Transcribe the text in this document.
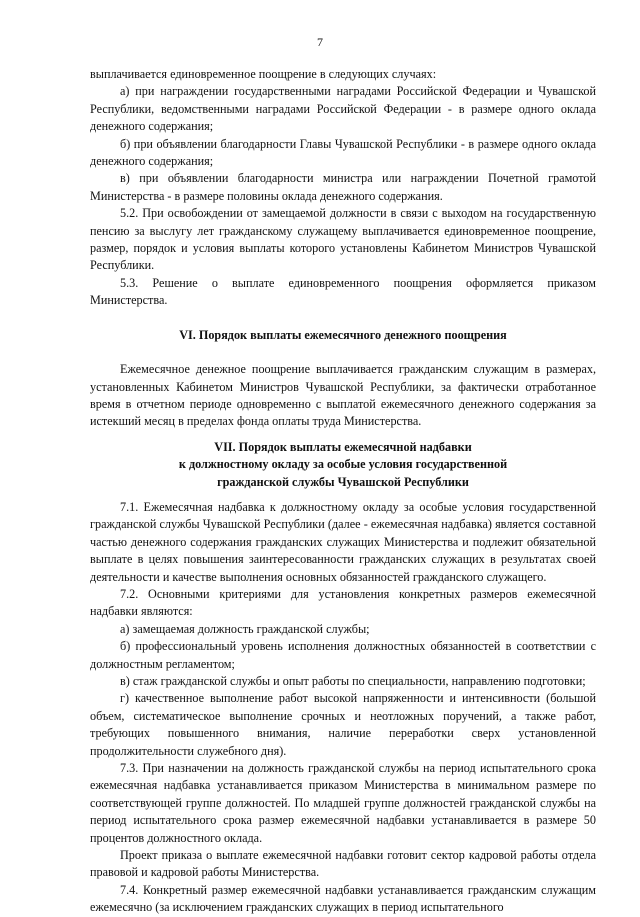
7

выплачивается единовременное поощрение в следующих случаях:

а) при награждении государственными наградами Российской Федерации и Чувашской Республики, ведомственными наградами Российской Федерации - в размере одного оклада денежного содержания;

б) при объявлении благодарности Главы Чувашской Республики - в размере одного оклада денежного содержания;

в) при объявлении благодарности министра или награждении Почетной грамотой Министерства - в размере половины оклада денежного содержания.

5.2. При освобождении от замещаемой должности в связи с выходом на государственную пенсию за выслугу лет гражданскому служащему выплачивается единовременное поощрение, размер, порядок и условия выплаты которого установлены Кабинетом Министров Чувашской Республики.

5.3. Решение о выплате единовременного поощрения оформляется приказом Министерства.

VI. Порядок выплаты ежемесячного денежного поощрения

Ежемесячное денежное поощрение выплачивается гражданским служащим в размерах, установленных Кабинетом Министров Чувашской Республики, за фактически отработанное время в отчетном периоде одновременно с выплатой ежемесячного денежного содержания за истекший месяц в пределах фонда оплаты труда Министерства.

VII. Порядок выплаты ежемесячной надбавки
к должностному окладу за особые условия государственной
гражданской службы Чувашской Республики

7.1. Ежемесячная надбавка к должностному окладу за особые условия государственной гражданской службы Чувашской Республики (далее - ежемесячная надбавка) является составной частью денежного содержания гражданских служащих Министерства и подлежит обязательной выплате в целях повышения заинтересованности гражданских служащих в результатах своей деятельности и качестве выполнения основных обязанностей гражданского служащего.

7.2. Основными критериями для установления конкретных размеров ежемесячной надбавки являются:

а) замещаемая должность гражданской службы;

б) профессиональный уровень исполнения должностных обязанностей в соответствии с должностным регламентом;

в) стаж гражданской службы и опыт работы по специальности, направлению подготовки;

г) качественное выполнение работ высокой напряженности и интенсивности (большой объем, систематическое выполнение срочных и неотложных поручений, а также работ, требующих повышенного внимания, наличие переработки сверх установленной продолжительности служебного дня).

7.3. При назначении на должность гражданской службы на период испытательного срока ежемесячная надбавка устанавливается приказом Министерства в минимальном размере по соответствующей группе должностей. По младшей группе должностей гражданской службы на период испытательного срока размер ежемесячной надбавки устанавливается в размере 50 процентов должностного оклада.

Проект приказа о выплате ежемесячной надбавки готовит сектор кадровой работы отдела правовой и кадровой работы Министерства.

7.4. Конкретный размер ежемесячной надбавки устанавливается гражданским служащим ежемесячно (за исключением гражданских служащих в период испытательного
